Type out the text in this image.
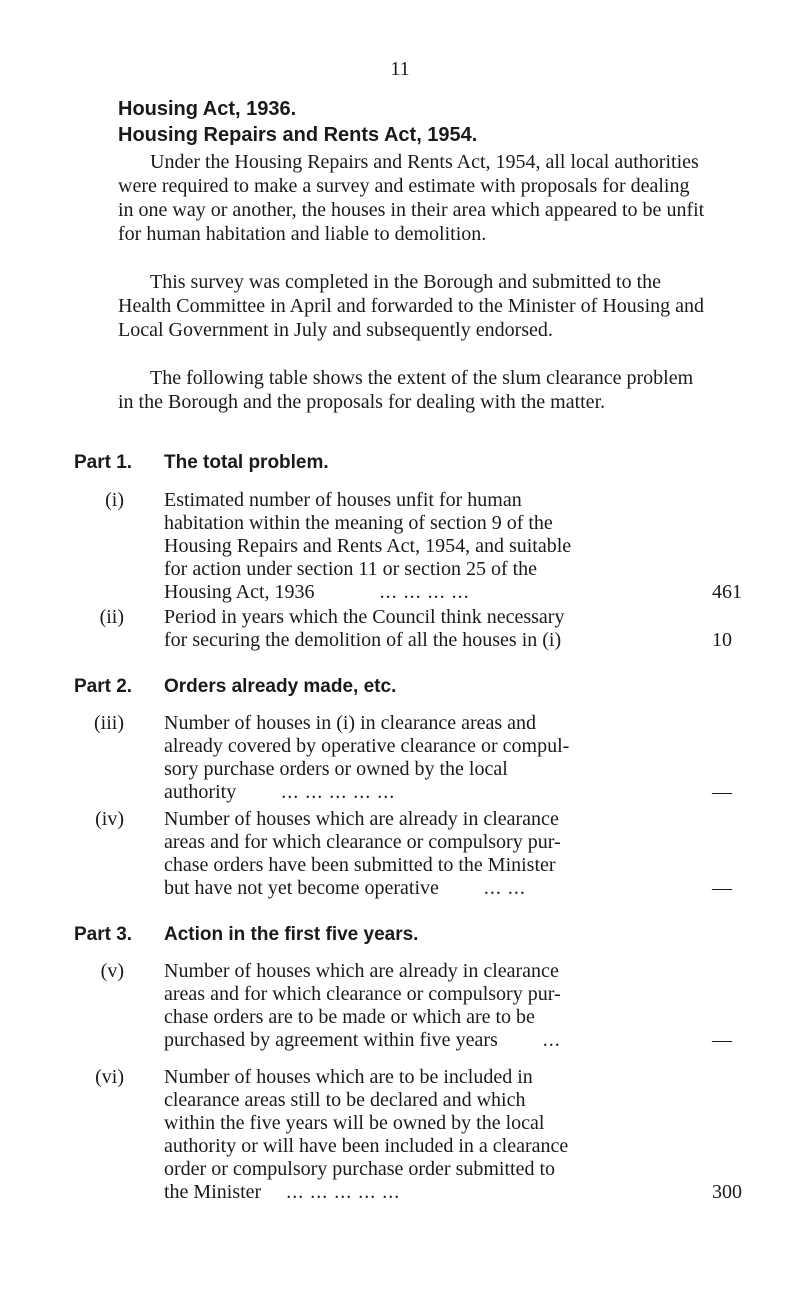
11
Housing Act, 1936.
Housing Repairs and Rents Act, 1954.

Under the Housing Repairs and Rents Act, 1954, all local authorities were required to make a survey and estimate with proposals for dealing in one way or another, the houses in their area which appeared to be unfit for human habitation and liable to demolition.

This survey was completed in the Borough and submitted to the Health Committee in April and forwarded to the Minister of Housing and Local Government in July and subsequently endorsed.

The following table shows the extent of the slum clearance problem in the Borough and the proposals for dealing with the matter.

Part 1. The total problem.
(i) Estimated number of houses unfit for human
habitation within the meaning of section 9 of the
Housing Repairs and Rents Act, 1954, and suitable
for action under section 11 or section 25 of the
Housing Act, 1936	... ... ... ...	461
(ii) Period in years which the Council think necessary
for securing the demolition of all the houses in (i)	10
Part 2. Orders already made, etc.
(iii) Number of houses in (i) in clearance areas and
already covered by operative clearance or compul-
sory purchase orders or owned by the local
authority ... ... ... ... ...	—
(iv) Number of houses which are already in clearance
areas and for which clearance or compulsory pur-
chase orders have been submitted to the Minister
but have not yet become operative ... ...	—
Part 3. Action in the first five years.
(v) Number of houses which are already in clearance
areas and for which clearance or compulsory pur-
chase orders are to be made or which are to be
purchased by agreement within five years ...	—
(vi) Number of houses which are to be included in
clearance areas still to be declared and which
within the five years will be owned by the local
authority or will have been included in a clearance
order or compulsory purchase order submitted to
the Minister ... ... ... ... ...	300
